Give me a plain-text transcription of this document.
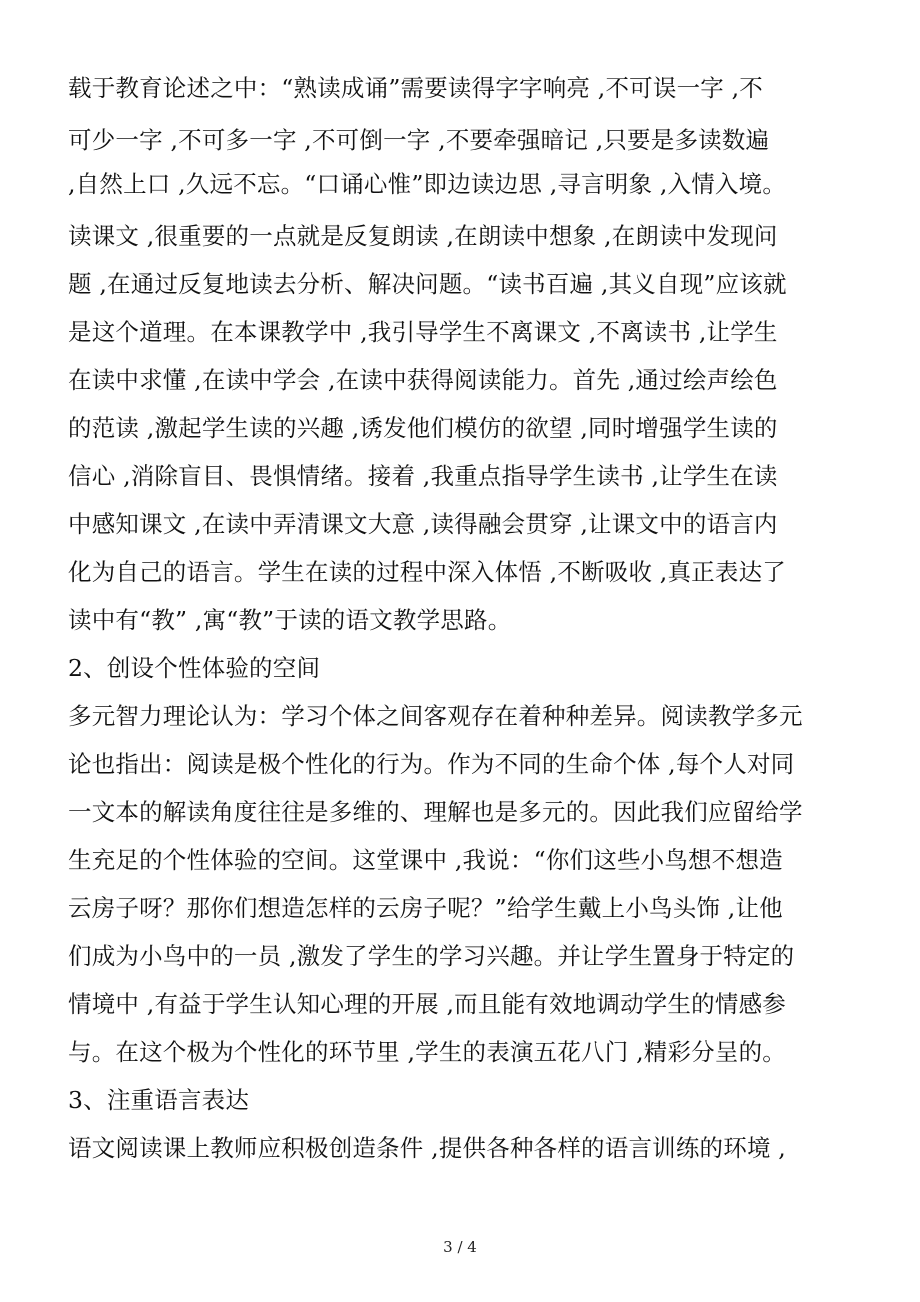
载于教育论述之中：“熟读成诵”需要读得字字响亮 ,不可误一字 ,不
可少一字 ,不可多一字 ,不可倒一字 ,不要牵强暗记 ,只要是多读数遍
,自然上口 ,久远不忘。“口诵心惟”即边读边思 ,寻言明象 ,入情入境。
读课文 ,很重要的一点就是反复朗读 ,在朗读中想象 ,在朗读中发现问
题 ,在通过反复地读去分析、解决问题。“读书百遍 ,其义自现”应该就
是这个道理。在本课教学中 ,我引导学生不离课文 ,不离读书 ,让学生
在读中求懂 ,在读中学会 ,在读中获得阅读能力。首先 ,通过绘声绘色
的范读 ,激起学生读的兴趣 ,诱发他们模仿的欲望 ,同时增强学生读的
信心 ,消除盲目、畏惧情绪。接着 ,我重点指导学生读书 ,让学生在读
中感知课文 ,在读中弄清课文大意 ,读得融会贯穿 ,让课文中的语言内
化为自己的语言。学生在读的过程中深入体悟 ,不断吸收 ,真正表达了
读中有“教” ,寓“教”于读的语文教学思路。
2、创设个性体验的空间
多元智力理论认为：学习个体之间客观存在着种种差异。阅读教学多元
论也指出：阅读是极个性化的行为。作为不同的生命个体 ,每个人对同
一文本的解读角度往往是多维的、理解也是多元的。因此我们应留给学
生充足的个性体验的空间。这堂课中 ,我说：“你们这些小鸟想不想造
云房子呀？那你们想造怎样的云房子呢？”给学生戴上小鸟头饰 ,让他
们成为小鸟中的一员 ,激发了学生的学习兴趣。并让学生置身于特定的
情境中 ,有益于学生认知心理的开展 ,而且能有效地调动学生的情感参
与。在这个极为个性化的环节里 ,学生的表演五花八门 ,精彩分呈的。
3、注重语言表达
语文阅读课上教师应积极创造条件 ,提供各种各样的语言训练的环境 ,
3 / 4
